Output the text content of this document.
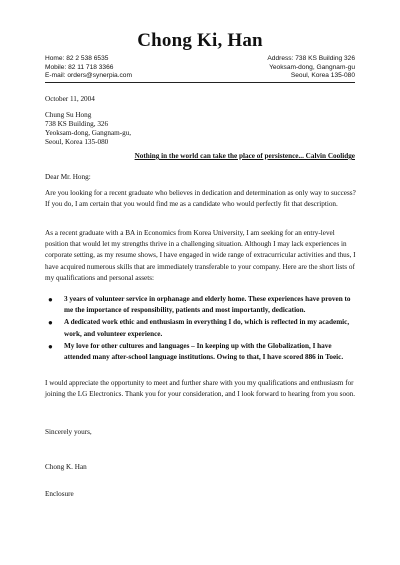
Chong Ki, Han
Home: 82 2 538 6535
Mobile: 82 11 718 3366
E-mail: orders@synerpia.com
Address: 738 KS Building 326
Yeoksam-dong, Gangnam-gu
Seoul, Korea 135-080
October 11, 2004
Chung Su Hong
738 KS Building, 326
Yeoksam-dong, Gangnam-gu,
Seoul, Korea 135-080
Nothing in the world can take the place of persistence... Calvin Coolidge
Dear Mr. Hong:
Are you looking for a recent graduate who believes in dedication and determination as only way to success? If you do, I am certain that you would find me as a candidate who would perfectly fit that description.
As a recent graduate with a BA in Economics from Korea University, I am seeking for an entry-level position that would let my strengths thrive in a challenging situation. Although I may lack experiences in corporate setting, as my resume shows, I have engaged in wide range of extracurricular activities and thus, I have acquired numerous skills that are immediately transferable to your company. Here are the short lists of my qualifications and personal assets:
● 3 years of volunteer service in orphanage and elderly home. These experiences have proven to me the importance of responsibility, patients and most importantly, dedication.
● A dedicated work ethic and enthusiasm in everything I do, which is reflected in my academic, work, and volunteer experience.
● My love for other cultures and languages – In keeping up with the Globalization, I have attended many after-school language institutions. Owing to that, I have scored 886 in Toeic.
I would appreciate the opportunity to meet and further share with you my qualifications and enthusiasm for joining the LG Electronics. Thank you for your consideration, and I look forward to hearing from you soon.
Sincerely yours,
Chong K. Han
Enclosure
